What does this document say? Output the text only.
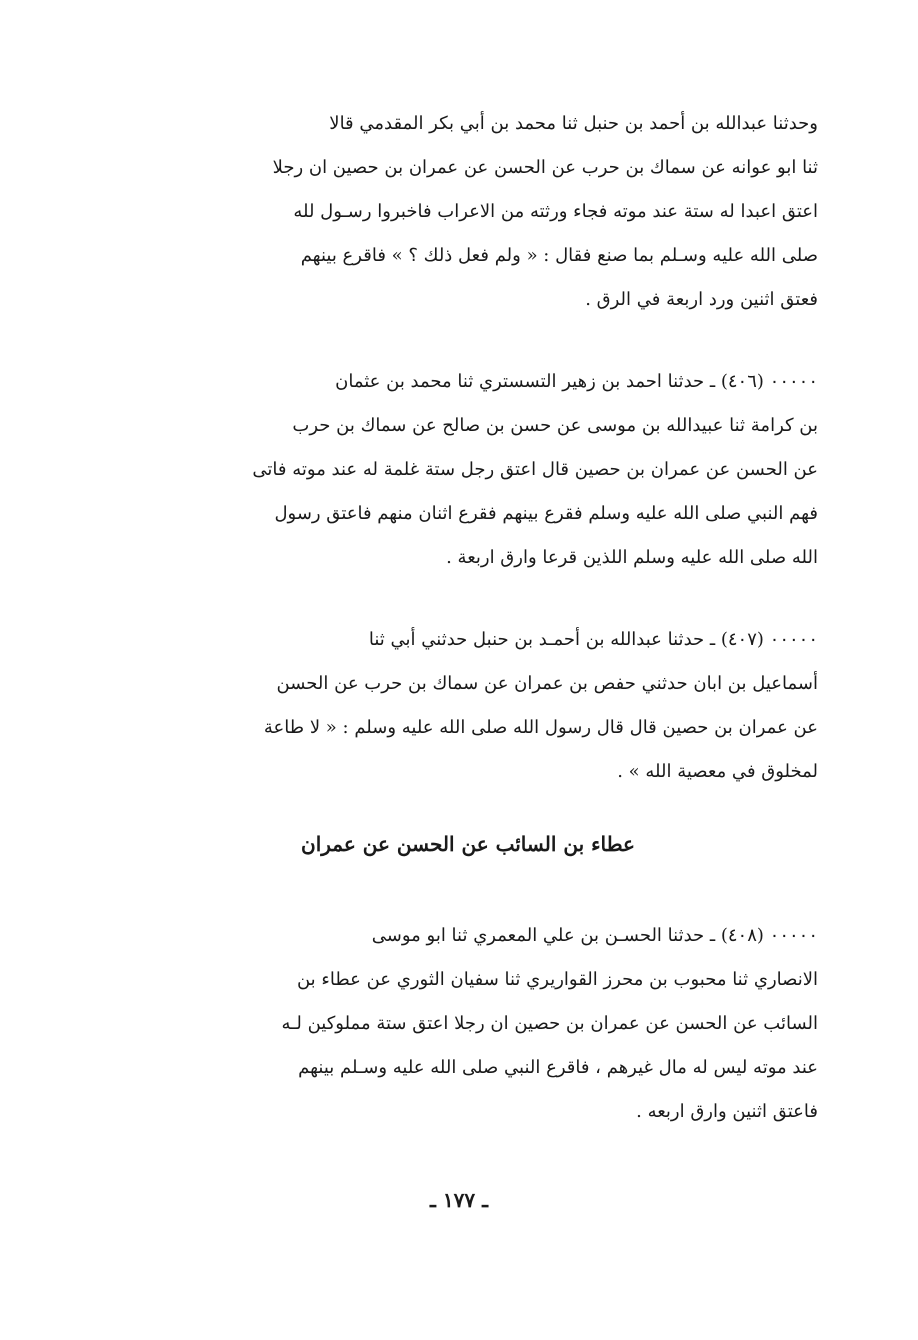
وحدثنا عبدالله بن أحمد بن حنبل ثنا محمد بن أبي بكر المقدمي قالا
ثنا ابو عوانه عن سماك بن حرب عن الحسن عن عمران بن حصين ان رجلا
اعتق اعبدا له ستة عند موته فجاء ورثته من الاعراب فاخبروا رسـول لله
صلى الله عليه وسـلم بما صنع فقال : « ولم فعل ذلك ؟ » فاقرع بينهم
فعتق اثنين ورد اربعة في الرق .
٠٠٠٠٠ (٤٠٦) ـ حدثنا احمد بن زهير التسستري ثنا محمد بن عثمان
بن كرامة ثنا عبيدالله بن موسى عن حسن بن صالح عن سماك بن حرب
عن الحسن عن عمران بن حصين قال اعتق رجل ستة غلمة له عند موته فاتى
فهم النبي صلى الله عليه وسلم فقرع بينهم فقرع اثنان منهم فاعتق رسول
الله صلى الله عليه وسلم اللذين قرعا وارق اربعة .
٠٠٠٠٠ (٤٠٧) ـ حدثنا عبدالله بن أحمـد بن حنبل حدثني أبي ثنا
أسماعيل بن ابان حدثني حفص بن عمران عن سماك بن حرب عن الحسن
عن عمران بن حصين قال قال رسول الله صلى الله عليه وسلم : « لا طاعة
لمخلوق في معصية الله » .
عطاء بن السائب عن الحسن عن عمران
٠٠٠٠٠ (٤٠٨) ـ حدثنا الحسـن بن علي المعمري ثنا ابو موسى
الانصاري ثنا محبوب بن محرز القواريري ثنا سفيان الثوري عن عطاء بن
السائب عن الحسن عن عمران بن حصين ان رجلا اعتق ستة مملوكين لـه
عند موته ليس له مال غيرهم ، فاقرع النبي صلى الله عليه وسـلم بينهم
فاعتق اثنين وارق اربعه .
ـ ١٧٧ ـ
